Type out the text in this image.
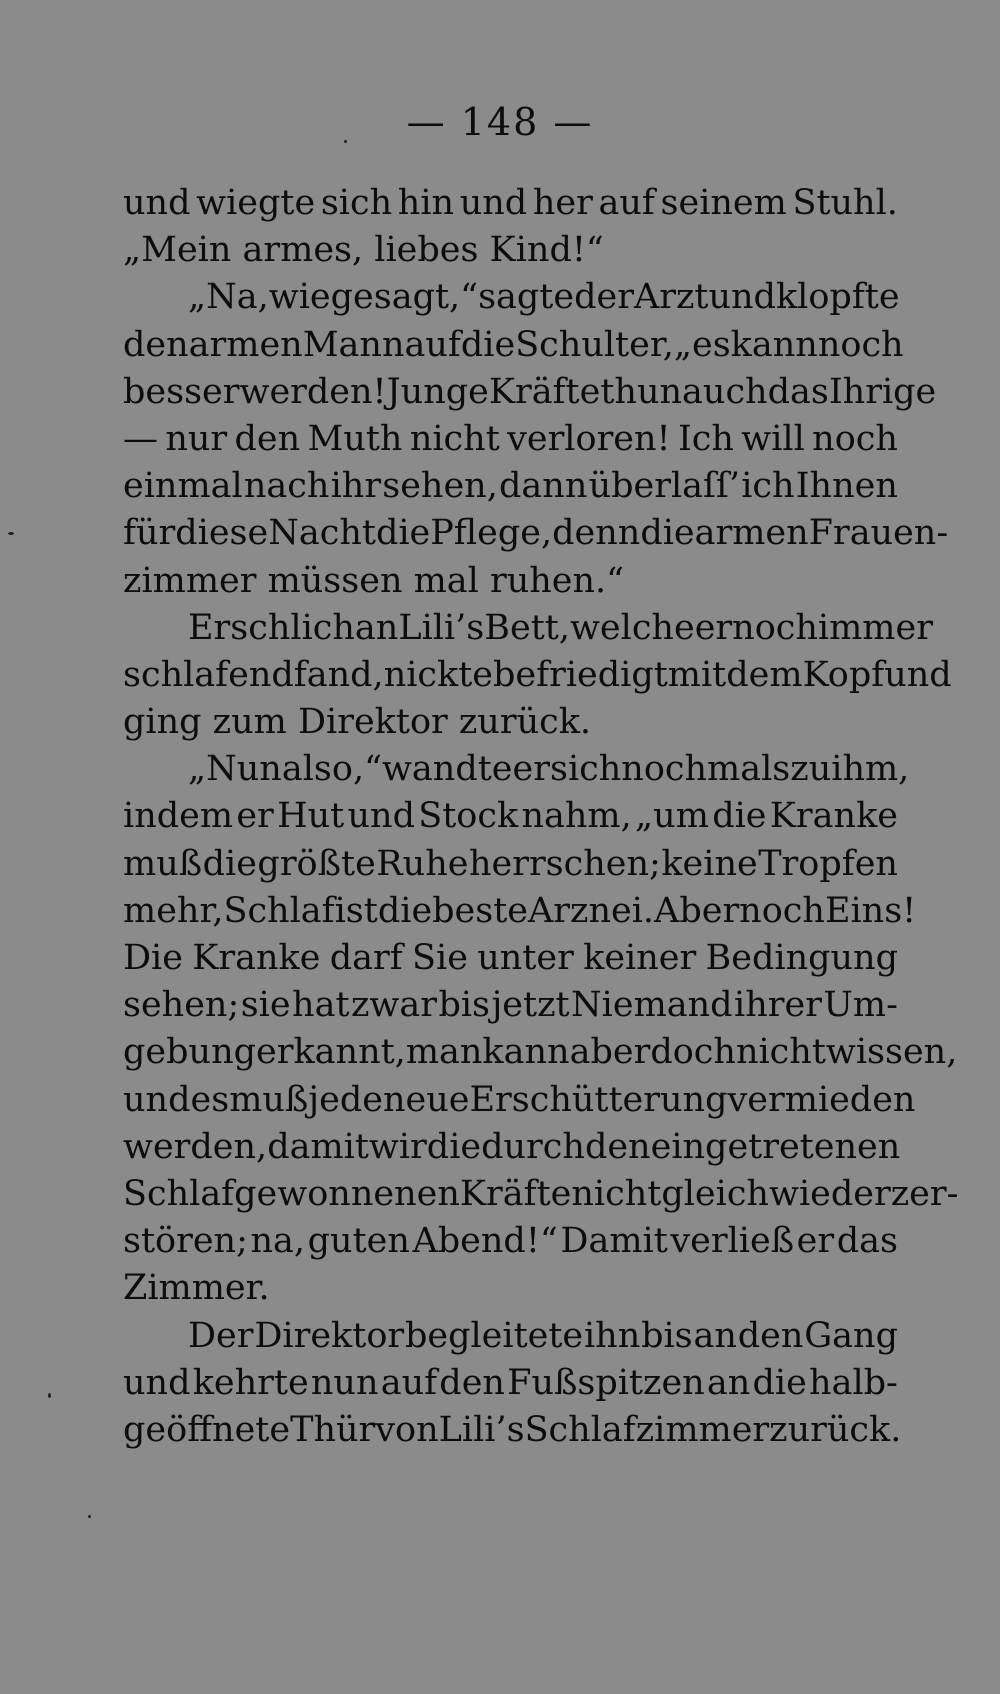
— 148 —
und wiegte sich hin und her auf seinem Stuhl.
„Mein armes, liebes Kind!“
„Na, wie gesagt,“ sagte der Arzt und klopfte
den armen Mann auf die Schulter, „es kann noch
besser werden! Junge Kräfte thun auch das Ihrige
— nur den Muth nicht verloren! Ich will noch
einmal nach ihr sehen, dann überlaſſ’ ich Ihnen
für diese Nacht die Pflege, denn die armen Frauen-
zimmer müssen mal ruhen.“
Er schlich an Lili’s Bett, welche er noch immer
schlafend fand, nickte befriedigt mit dem Kopf und
ging zum Direktor zurück.
„Nun also,“ wandte er sich nochmals zu ihm,
indem er Hut und Stock nahm, „um die Kranke
muß die größte Ruhe herrschen; keine Tropfen
mehr, Schlaf ist die beste Arznei. Aber noch Eins!
Die Kranke darf Sie unter keiner Bedingung
sehen; sie hat zwar bis jetzt Niemand ihrer Um-
gebung erkannt, man kann aber doch nicht wissen,
und es muß jede neue Erschütterung vermieden
werden, damit wir die durch den eingetretenen
Schlaf gewonnenen Kräfte nicht gleich wieder zer-
stören; na, guten Abend!“ Damit verließ er das
Zimmer.
Der Direktor begleitete ihn bis an den Gang
und kehrte nun auf den Fußspitzen an die halb-
geöffnete Thür von Lili’s Schlafzimmer zurück.
